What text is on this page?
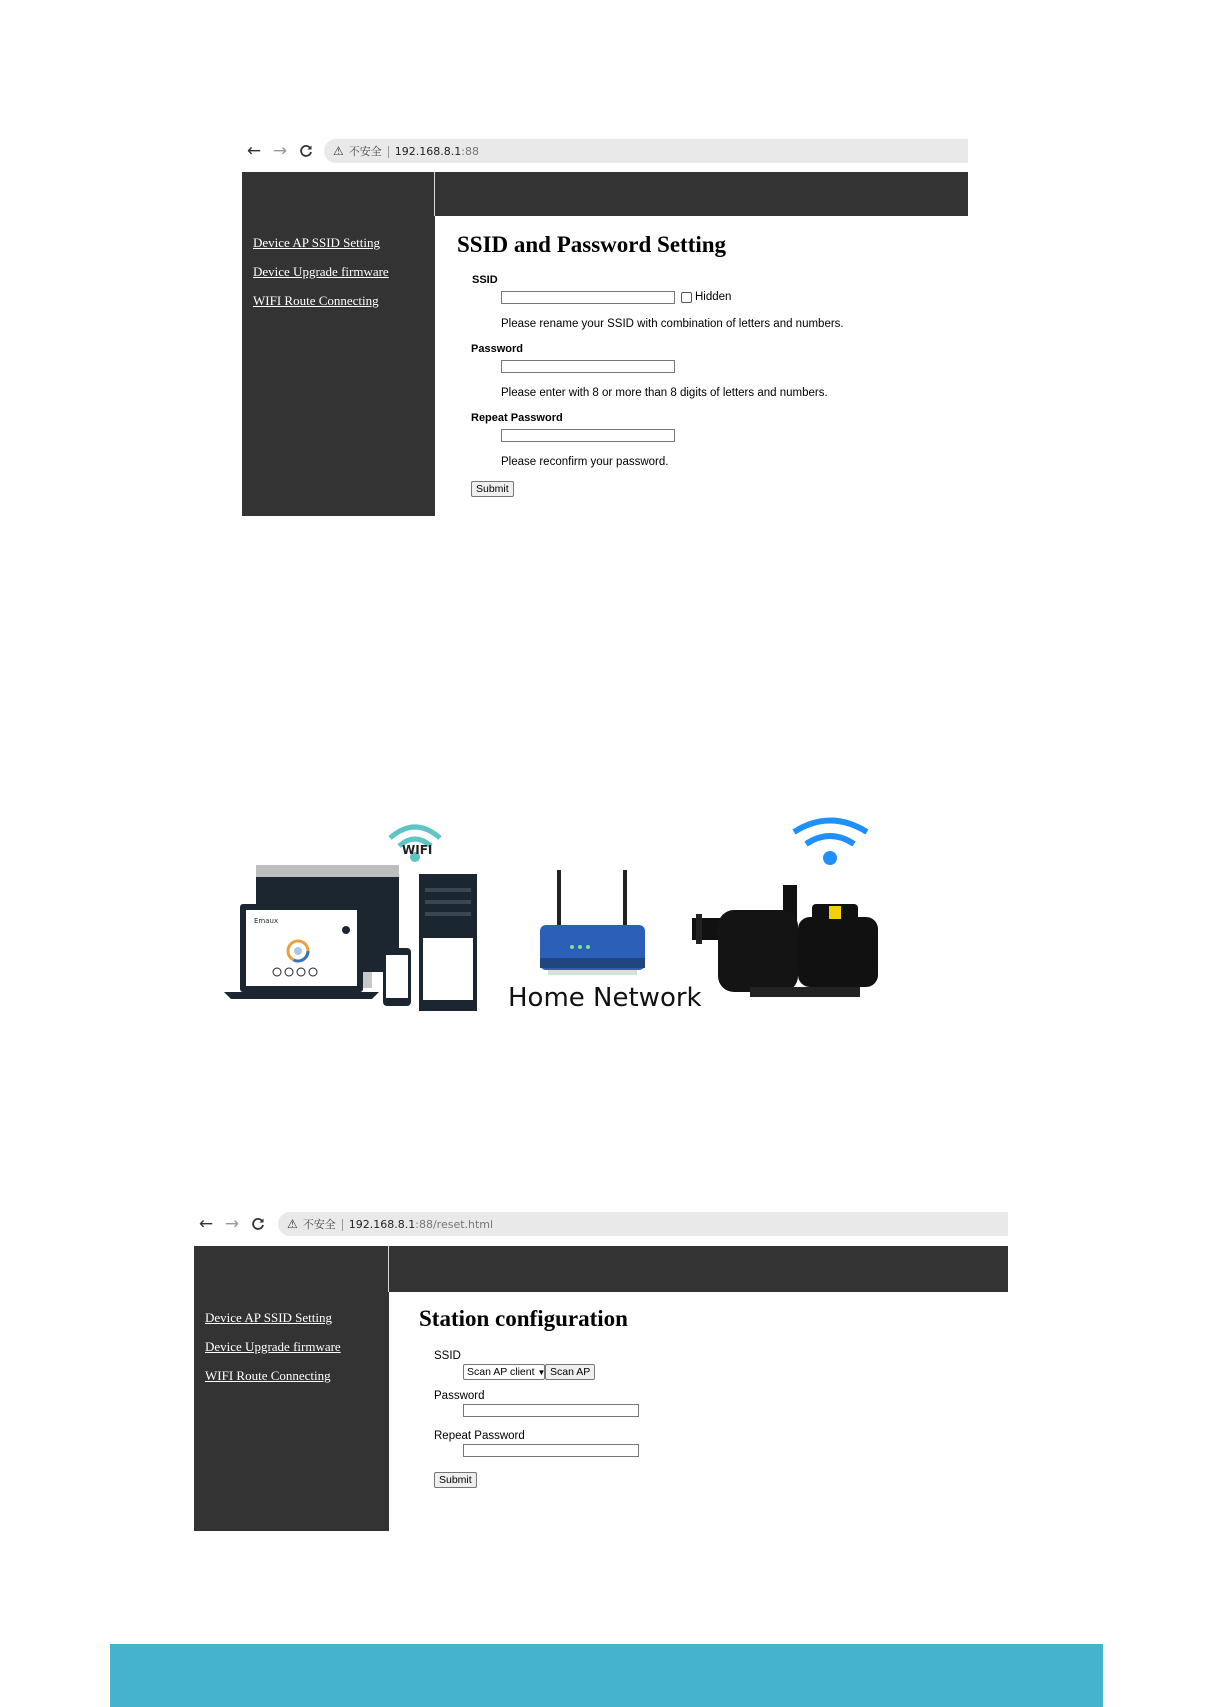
← →	⚠ 不安全 192.168.8.1:88
Device AP SSID Setting
Device Upgrade firmware
WIFI Route Connecting
SSID and Password Setting
SSID
Hidden
Please rename your SSID with combination of letters and numbers.
Password
Please enter with 8 or more than 8 digits of letters and numbers.
Repeat Password
Please reconfirm your password.
Submit
WIFI
Emaux
Home Network
← →	⚠ 不安全 192.168.8.1:88/reset.html
Device AP SSID Setting
Device Upgrade firmware
WIFI Route Connecting
Station configuration
SSID
Scan AP client ▼ Scan AP
Password
Repeat Password
Submit
